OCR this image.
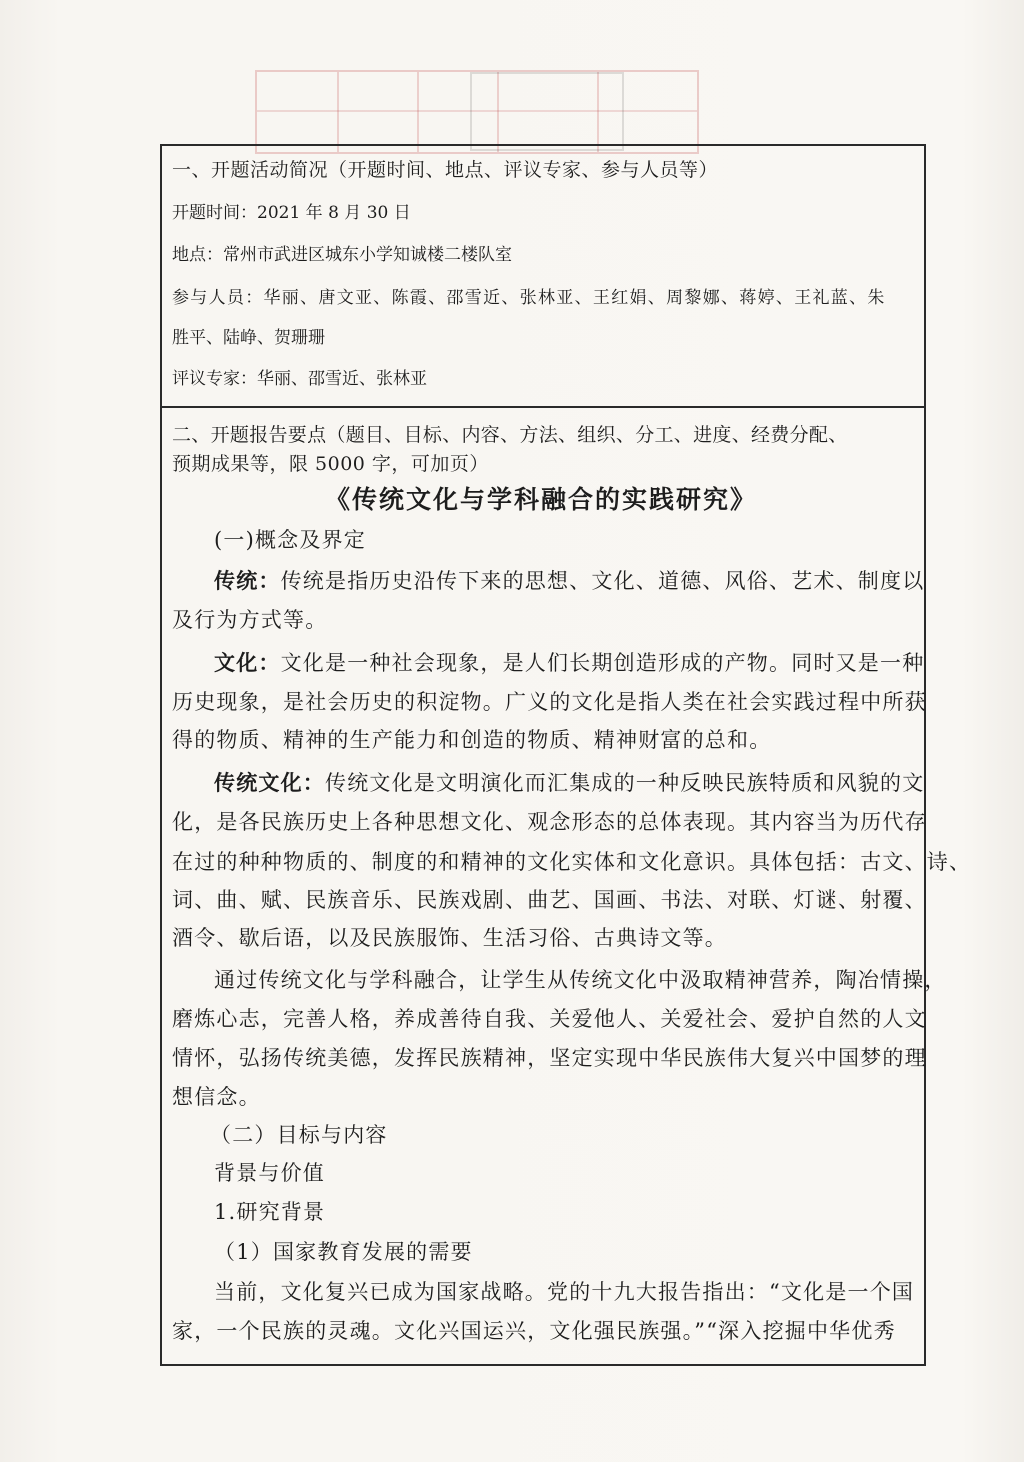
一、开题活动简况（开题时间、地点、评议专家、参与人员等）
开题时间：2021 年 8 月 30 日
地点：常州市武进区城东小学知诚楼二楼队室
参与人员：华丽、唐文亚、陈霞、邵雪近、张林亚、王红娟、周黎娜、蒋婷、王礼蓝、朱
胜平、陆峥、贺珊珊
评议专家：华丽、邵雪近、张林亚
二、开题报告要点（题目、目标、内容、方法、组织、分工、进度、经费分配、
预期成果等，限 5000 字，可加页）
《传统文化与学科融合的实践研究》
(一)概念及界定
传统：传统是指历史沿传下来的思想、文化、道德、风俗、艺术、制度以
及行为方式等。
文化：文化是一种社会现象，是人们长期创造形成的产物。同时又是一种
历史现象，是社会历史的积淀物。广义的文化是指人类在社会实践过程中所获
得的物质、精神的生产能力和创造的物质、精神财富的总和。
传统文化：传统文化是文明演化而汇集成的一种反映民族特质和风貌的文
化，是各民族历史上各种思想文化、观念形态的总体表现。其内容当为历代存
在过的种种物质的、制度的和精神的文化实体和文化意识。具体包括：古文、诗、
词、曲、赋、民族音乐、民族戏剧、曲艺、国画、书法、对联、灯谜、射覆、
酒令、歇后语，以及民族服饰、生活习俗、古典诗文等。
通过传统文化与学科融合，让学生从传统文化中汲取精神营养，陶冶情操，
磨炼心志，完善人格，养成善待自我、关爱他人、关爱社会、爱护自然的人文
情怀，弘扬传统美德，发挥民族精神，坚定实现中华民族伟大复兴中国梦的理
想信念。
（二）目标与内容
背景与价值
1.研究背景
（1）国家教育发展的需要
当前，文化复兴已成为国家战略。党的十九大报告指出：“文化是一个国
家，一个民族的灵魂。文化兴国运兴，文化强民族强。”“深入挖掘中华优秀
